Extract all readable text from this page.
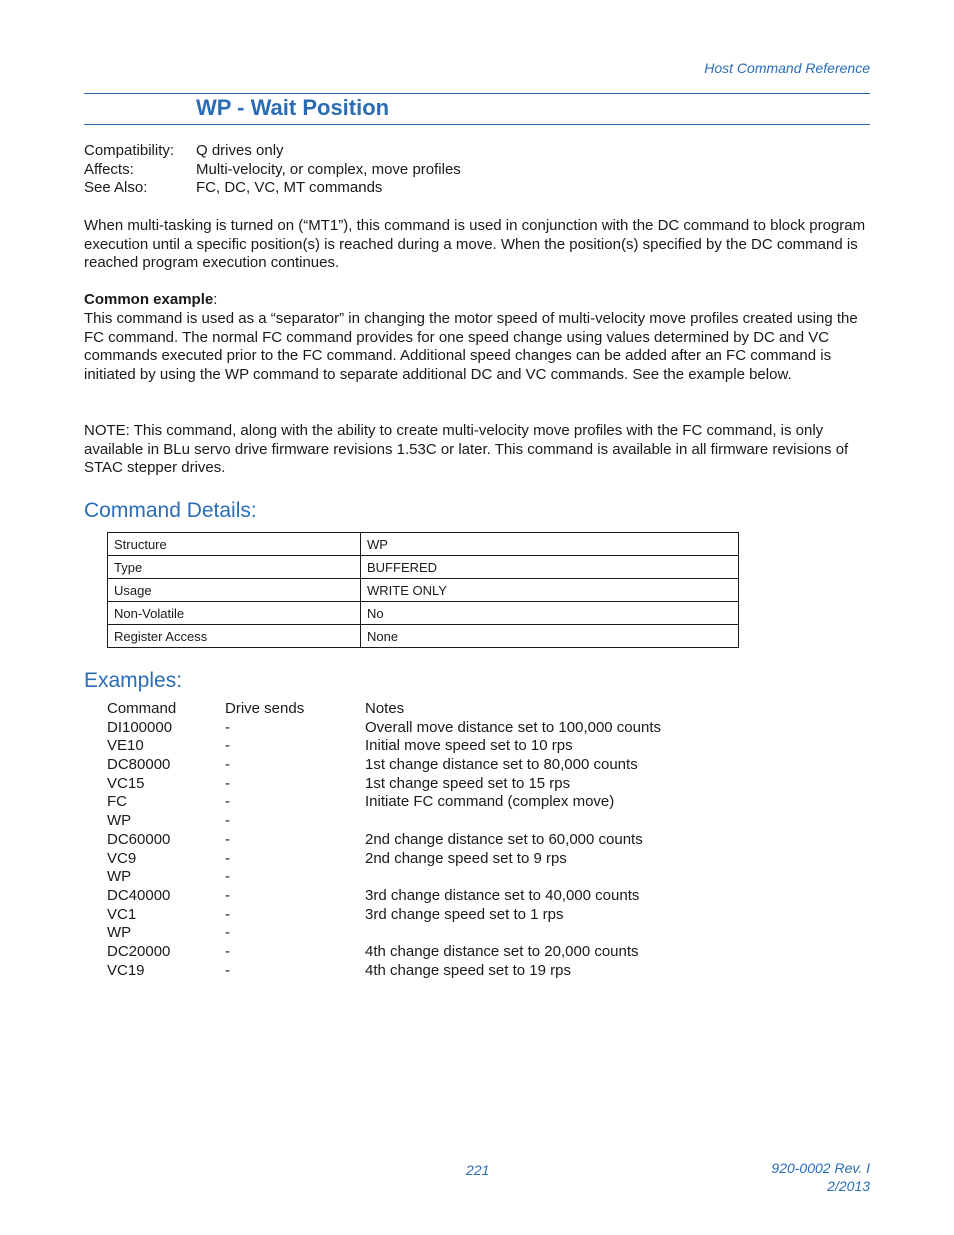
Host Command Reference
WP - Wait Position
Compatibility:	Q drives only
Affects:	Multi-velocity, or complex, move profiles
See Also:	FC, DC, VC, MT commands

When multi-tasking is turned on (“MT1”), this command is used in conjunction with the DC command to block program execution until a specific position(s) is reached during a move. When the position(s) specified by the DC command is reached program execution continues.

Common example:

This command is used as a “separator” in changing the motor speed of multi-velocity move profiles created using the FC command. The normal FC command provides for one speed change using values determined by DC and VC commands executed prior to the FC command. Additional speed changes can be added after an FC command is initiated by using the WP command to separate additional DC and VC commands. See the example below.

NOTE: This command, along with the ability to create multi-velocity move profiles with the FC command, is only available in BLu servo drive firmware revisions 1.53C or later. This command is available in all firmware revisions of STAC stepper drives.

Command Details:
Structure	WP
Type	BUFFERED
Usage	WRITE ONLY
Non-Volatile	No
Register Access	None
Examples:
Command	Drive sends	Notes
DI100000	-	Overall move distance set to 100,000 counts
VE10	-	Initial move speed set to 10 rps
DC80000	-	1st change distance set to 80,000 counts
VC15	-	1st change speed set to 15 rps
FC	-	Initiate FC command (complex move)
WP	-
DC60000	-	2nd change distance set to 60,000 counts
VC9	-	2nd change speed set to 9 rps
WP	-
DC40000	-	3rd change distance set to 40,000 counts
VC1	-	3rd change speed set to 1 rps
WP	-
DC20000	-	4th change distance set to 20,000 counts
VC19	-	4th change speed set to 19 rps
221	920-0002 Rev. I
2/2013
